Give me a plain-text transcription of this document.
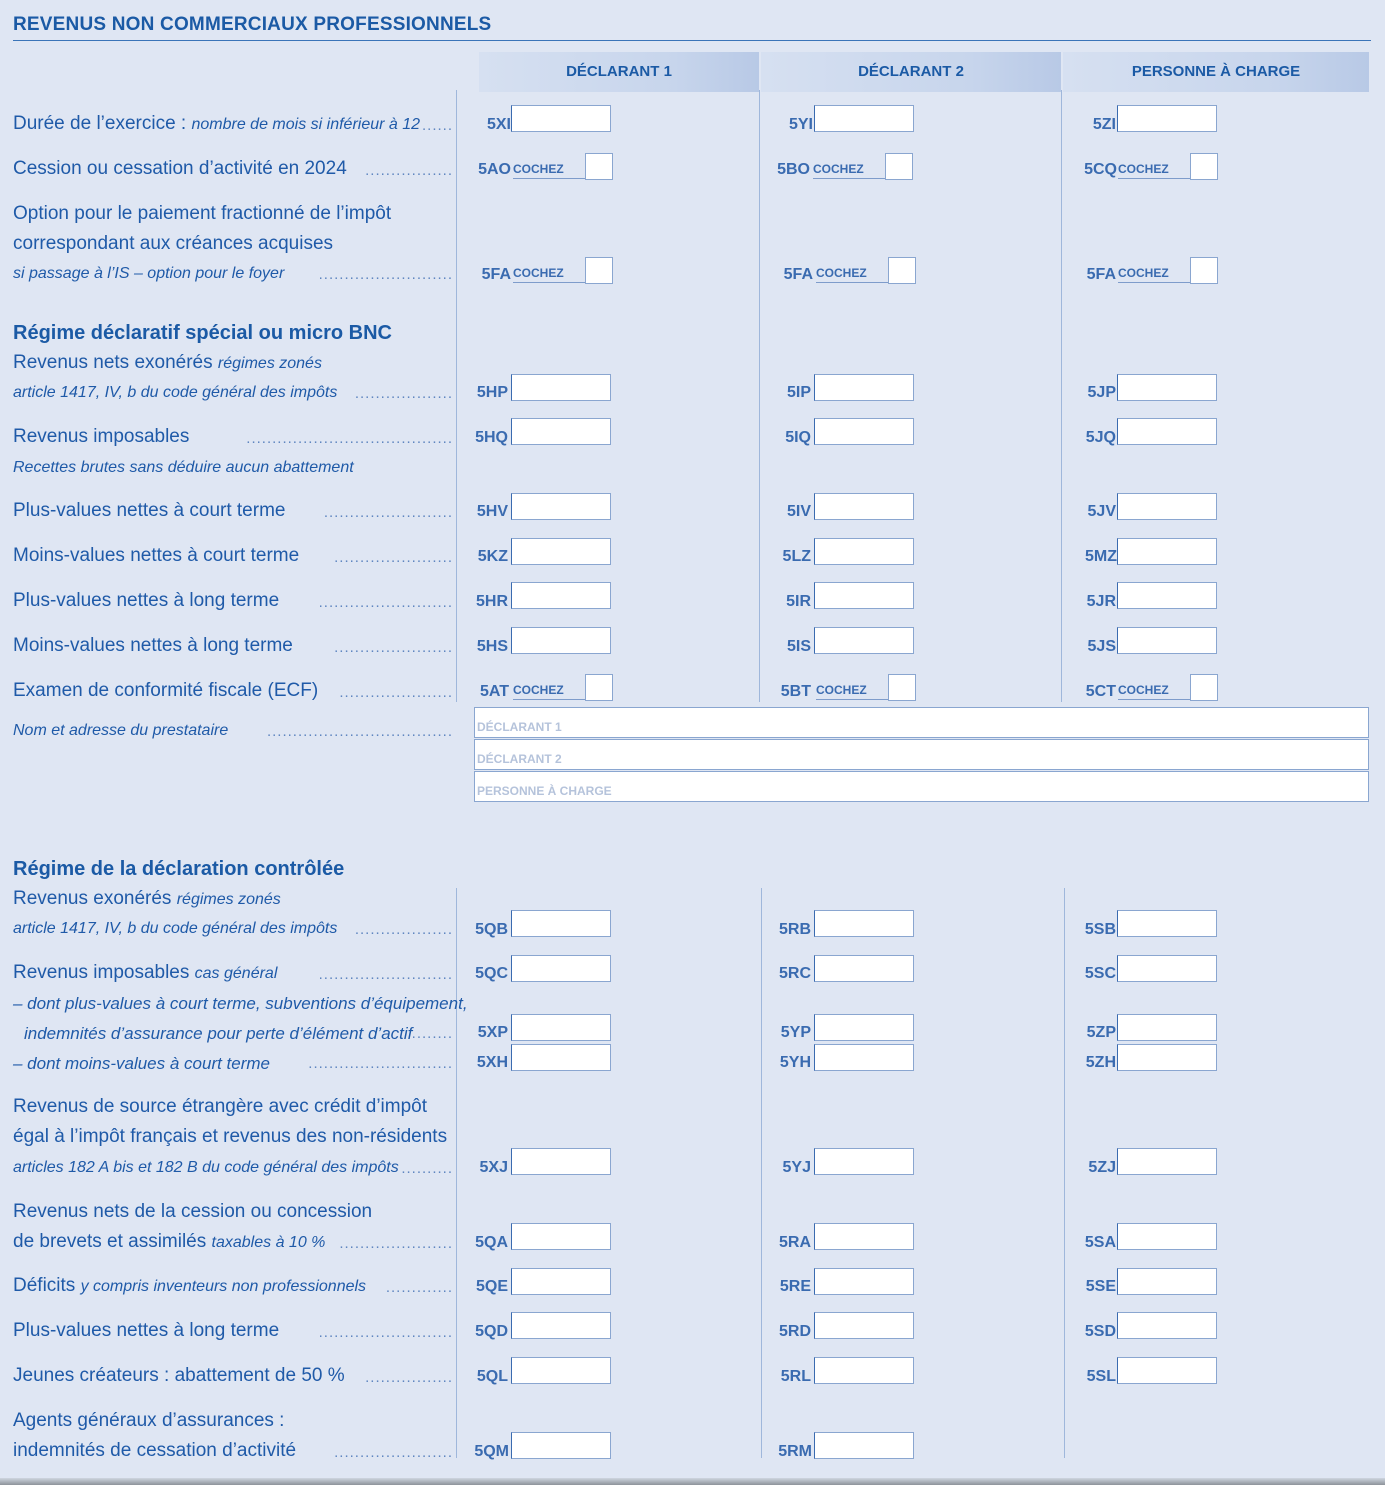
REVENUS NON COMMERCIAUX PROFESSIONNELS
DÉCLARANT 1	DÉCLARANT 2	PERSONNE À CHARGE
Durée de l’exercice : nombre de mois si inférieur à 12 ......	5XI	5YI	5ZI
Cession ou cessation d’activité en 2024	.................	5AO COCHEZ	5BO COCHEZ	5CQ COCHEZ
Option pour le paiement fractionné de l’impôt
correspondant aux créances acquises
si passage à l’IS – option pour le foyer	..........................	5FA COCHEZ	5FA COCHEZ	5FA COCHEZ
Régime déclaratif spécial ou micro BNC
Revenus nets exonérés régimes zonés
article 1417, IV, b du code général des impôts	...................	5HP	5IP	5JP
Revenus imposables	........................................ 5HQ	5IQ	5JQ
Recettes brutes sans déduire aucun abattement
Plus-values nettes à court terme	.........................	5HV	5IV	5JV
Moins-values nettes à court terme	.......................	5KZ	5LZ	5MZ
Plus-values nettes à long terme	.......................... 5HR	5IR	5JR
Moins-values nettes à long terme	.......................	5HS	5IS	5JS
Examen de conformité fiscale (ECF)	......................	5AT COCHEZ	5BT COCHEZ	5CT COCHEZ
Nom et adresse du prestataire	.................................... DÉCLARANT 1
DÉCLARANT 2
PERSONNE À CHARGE
Régime de la déclaration contrôlée
Revenus exonérés régimes zonés
article 1417, IV, b du code général des impôts	................... 5QB	5RB	5SB
Revenus imposables cas général	.......................... 5QC	5RC	5SC
– dont plus-values à court terme, subventions d’équipement,
indemnités d’assurance pour perte d’élément d’actif ........	5XP	5YP	5ZP
– dont moins-values à court terme	............................	5XH	5YH	5ZH
Revenus de source étrangère avec crédit d’impôt
égal à l’impôt français et revenus des non-résidents
articles 182 A bis et 182 B du code général des impôts ..........	5XJ	5YJ	5ZJ
Revenus nets de la cession ou concession
de brevets et assimilés taxables à 10 % ...................... 5QA	5RA	5SA
Déficits y compris inventeurs non professionnels	............. 5QE	5RE	5SE
Plus-values nettes à long terme	.......................... 5QD	5RD	5SD
Jeunes créateurs : abattement de 50 %	.................	5QL	5RL	5SL
Agents généraux d’assurances :
indemnités de cessation d’activité	.......................	5QM	5RM
